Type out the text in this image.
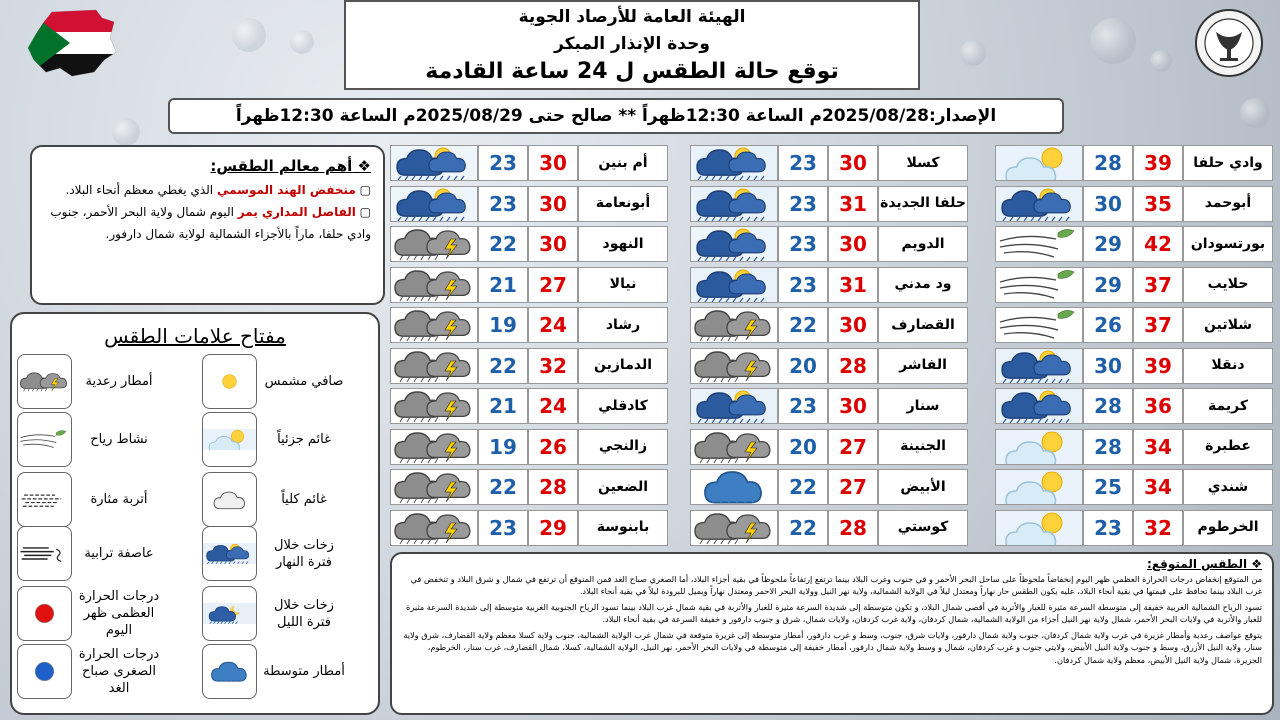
الهيئة العامة للأرصاد الجوية
وحدة الإنذار المبكر
توقع حالة الطقس ل 24 ساعة القادمة
الإصدار:2025/08/28م الساعة 12:30ظهراً ** صالح حتى 2025/08/29م الساعة 12:30ظهراً
❖ أهم معالم الطقس:
▢ منخفض الهند الموسمي الذي يغطي معظم أنحاء البلاد.
▢ الفاصل المداري يمر اليوم شمال ولاية البحر الأحمر، جنوب وادي حلفا، ماراً بالأجزاء الشمالية لولاية شمال دارفور.
مفتاح علامات الطقس
صافي مشمس
أمطار رعدية
غائم جزئياً
نشاط رياح
غائم كلياً
أتربة مثارة
زخات خلال فترة النهار
عاصفة ترابية
زخات خلال فترة الليل
درجات الحرارة العظمى ظهر اليوم
أمطار متوسطة
درجات الحرارة الصغرى صباح الغد
وادي حلفا
39
28
أبوحمد
35
30
بورتسودان
42
29
حلايب
37
29
شلاتين
37
26
دنقلا
39
30
كريمة
36
28
عطبرة
34
28
شندي
34
25
الخرطوم
32
23
كسلا
30
23
حلفا الجديدة
31
23
الدويم
30
23
ود مدني
31
23
القضارف
30
22
الفاشر
28
20
سنار
30
23
الجنينة
27
20
الأبيض
27
22
كوستي
28
22
أم بنين
30
23
أبونعامة
30
23
النهود
30
22
نيالا
27
21
رشاد
24
19
الدمازين
32
22
كادقلي
24
21
زالنجي
26
19
الضعين
28
22
بابنوسة
29
23
❖ الطقس المتوقع:

من المتوقع إنخفاض درجات الحرارة العظمي ظهر اليوم إنخفاضاً ملحوظاً على ساحل البحر الأحمر و في جنوب وغرب البلاد بينما ترتفع إرتفاعاً ملحوظاً في بقية أجزاء البلاد، أما الصغري صباح الغد فمن المتوقع أن ترتفع في شمال و شرق البلاد و تنخفض في غرب البلاد بينما تحافظ على قيمتها في بقية أنحاء البلاد، عليه يكون الطقس حار نهاراً ومعتدل ليلاً في الولاية الشمالية، ولاية نهر النيل وولاية البحر الاحمر ومعتدل نهاراً ويميل للبرودة ليلاً في بقية أنحاء البلاد.

تسود الرياح الشمالية الغربية خفيفة إلى متوسطة السرعة مثيرة للغبار والأتربة في أقصى شمال البلاد، و تكون متوسطة إلى شديدة السرعة مثيرة للغبار والأتربة في بقية شمال غرب البلاد بينما تسود الرياح الجنوبية الغربية متوسطة إلى شديدة السرعة مثيرة للغبار والأتربة في ولايات البحر الأحمر، شمال ولاية نهر النيل أجزاء من الولاية الشمالية، شمال كردفان، ولاية غرب كردفان، ولايات شمال، شرق و جنوب دارفور و خفيفة السرعة في بقية أنحاء البلاد.

يتوقع عواصف رعدية وأمطار غزيرة في غرب ولاية شمال كردفان، جنوب ولاية شمال دارفور، ولايات شرق، جنوب، وسط و غرب دارفور، أمطار متوسطة إلى غزيرة متوقعة في شمال غرب الولاية الشمالية، جنوب ولاية كسلا معظم ولاية القضارف، شرق ولاية سنار، ولاية النيل الأزرق، وسط و جنوب ولاية النيل الأبيض، ولايتي جنوب و غرب كردفان، شمال و وسط ولاية شمال دارفور، أمطار خفيفة إلى متوسطة في ولايات البحر الأحمر، نهر النيل، الولاية الشمالية، كسلا، شمال القضارف، غرب سنار، الخرطوم، الجزيرة، شمال ولاية النيل الأبيض، معظم ولاية شمال كردفان.
